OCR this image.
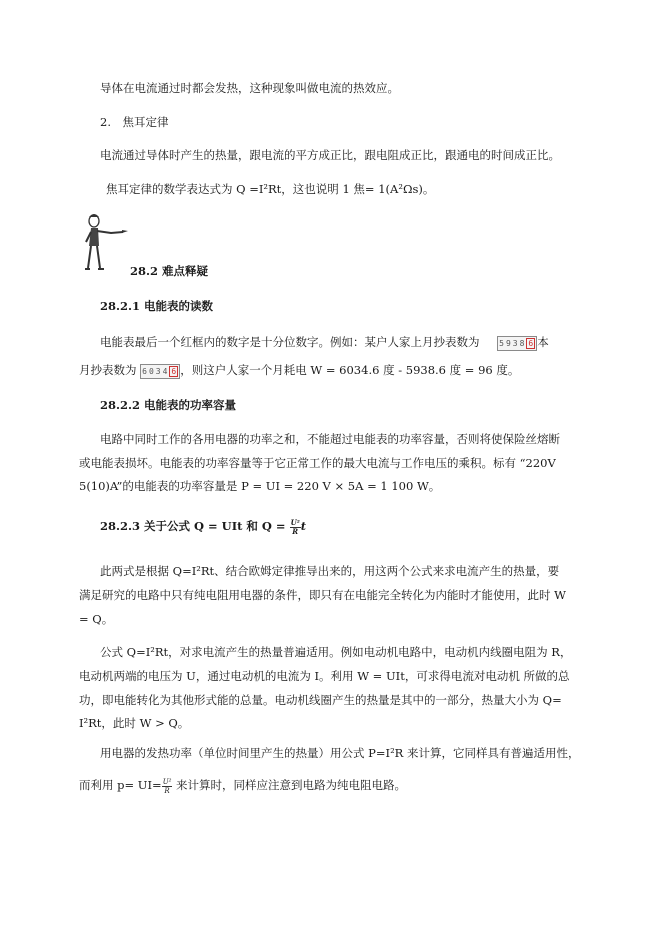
导体在电流通过时都会发热，这种现象叫做电流的热效应。
2.　焦耳定律
电流通过导体时产生的热量，跟电流的平方成正比，跟电阻成正比，跟通电的时间成正比。
焦耳定律的数学表达式为 Q =I²Rt，这也说明 1 焦= 1(A²Ωs)。
28.2 难点释疑
28.2.1 电能表的读数
电能表最后一个红框内的数字是十分位数字。例如：某户人家上月抄表数为 5938 6 本
月抄表数为 6034 6 ，则这户人家一个月耗电 W = 6034.6 度 - 5938.6 度 = 96 度。
28.2.2 电能表的功率容量
电路中同时工作的各用电器的功率之和，不能超过电能表的功率容量，否则将使保险丝熔断
或电能表损坏。电能表的功率容量等于它正常工作的最大电流与工作电压的乘积。标有 “220V
5(10)A”的电能表的功率容量是 P = UI = 220 V × 5A = 1 100 W。
28.2.3 关于公式 Q = UIt 和 $Q = \frac{\text{U²}}{R}$ t
此两式是根据 Q=I²Rt、结合欧姆定律推导出来的，用这两个公式来求电流产生的热量，要
满足研究的电路中只有纯电阻用电器的条件，即只有在电能完全转化为内能时才能使用，此时 W
= Q。
公式 Q=I²Rt，对求电流产生的热量普遍适用。例如电动机电路中，电动机内线圈电阻为 R，
电动机两端的电压为 U，通过电动机的电流为 I。利用 W = UIt，可求得电流对电动机 所做的总
功，即电能转化为其他形式能的总量。电动机线圈产生的热量是其中的一部分，热量大小为 Q=
I²Rt，此时 W > Q。
用电器的发热功率（单位时间里产生的热量）用公式 P=I²R 来计算，它同样具有普遍适用性，
而利用 $p= UI= \frac{\text{U²}}{R}$ 来计算时，同样应注意到电路为纯电阻电路。
